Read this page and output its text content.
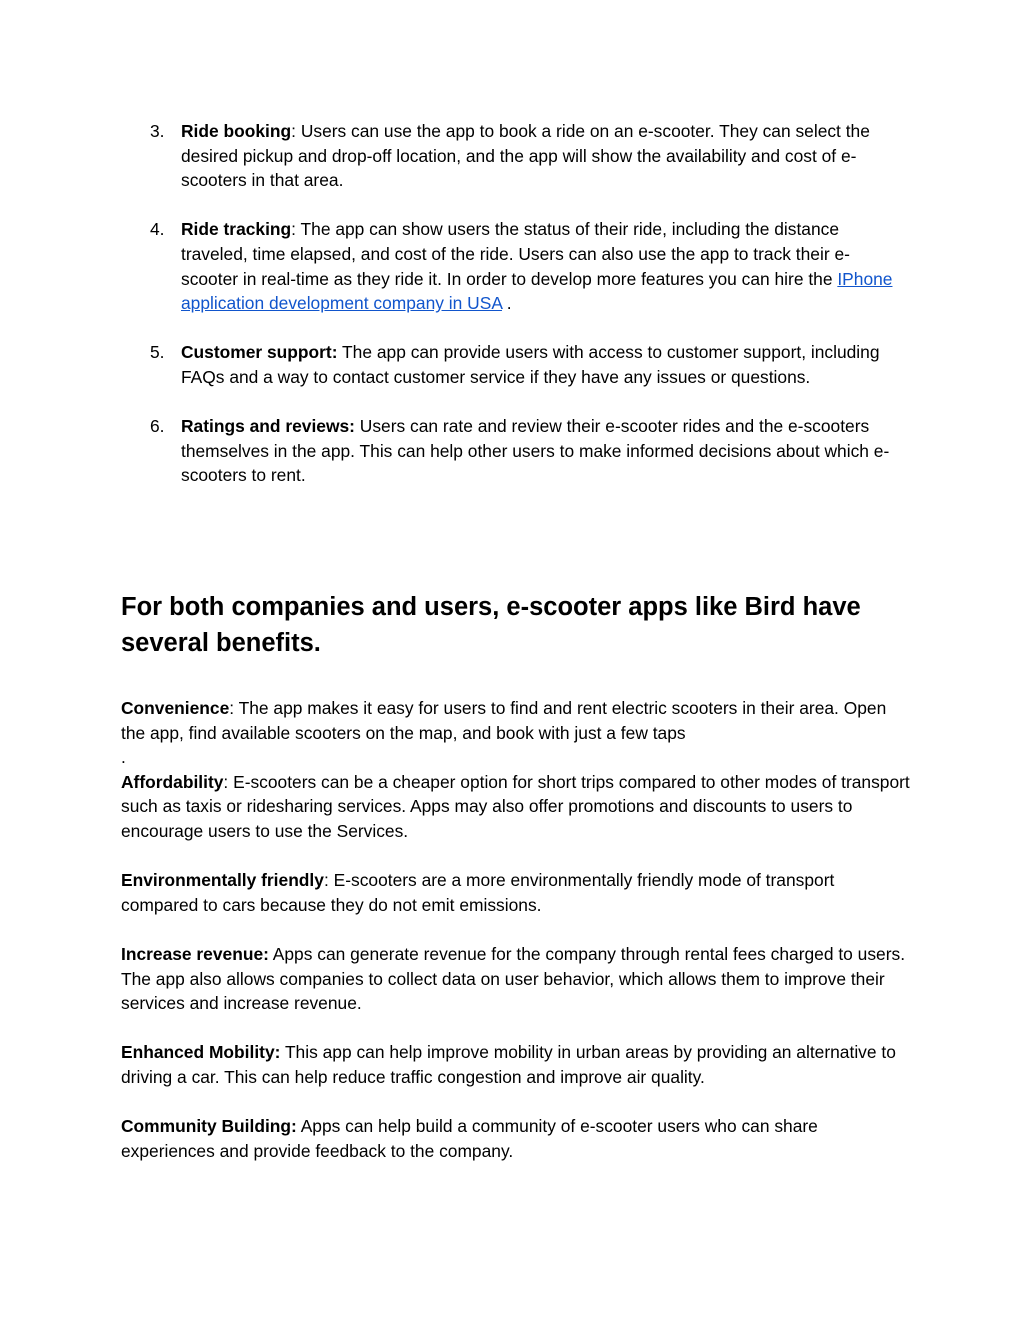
3. Ride booking: Users can use the app to book a ride on an e-scooter. They can select the desired pickup and drop-off location, and the app will show the availability and cost of e-scooters in that area.
4. Ride tracking: The app can show users the status of their ride, including the distance traveled, time elapsed, and cost of the ride. Users can also use the app to track their e-scooter in real-time as they ride it. In order to develop more features you can hire the IPhone application development company in USA .
5. Customer support: The app can provide users with access to customer support, including FAQs and a way to contact customer service if they have any issues or questions.
6. Ratings and reviews: Users can rate and review their e-scooter rides and the e-scooters themselves in the app. This can help other users to make informed decisions about which e-scooters to rent.
For both companies and users, e-scooter apps like Bird have several benefits.

Convenience: The app makes it easy for users to find and rent electric scooters in their area. Open the app, find available scooters on the map, and book with just a few taps
.

Affordability: E-scooters can be a cheaper option for short trips compared to other modes of transport such as taxis or ridesharing services. Apps may also offer promotions and discounts to users to encourage users to use the Services.

Environmentally friendly: E-scooters are a more environmentally friendly mode of transport compared to cars because they do not emit emissions.

Increase revenue: Apps can generate revenue for the company through rental fees charged to users. The app also allows companies to collect data on user behavior, which allows them to improve their services and increase revenue.

Enhanced Mobility: This app can help improve mobility in urban areas by providing an alternative to driving a car. This can help reduce traffic congestion and improve air quality.

Community Building: Apps can help build a community of e-scooter users who can share experiences and provide feedback to the company.
